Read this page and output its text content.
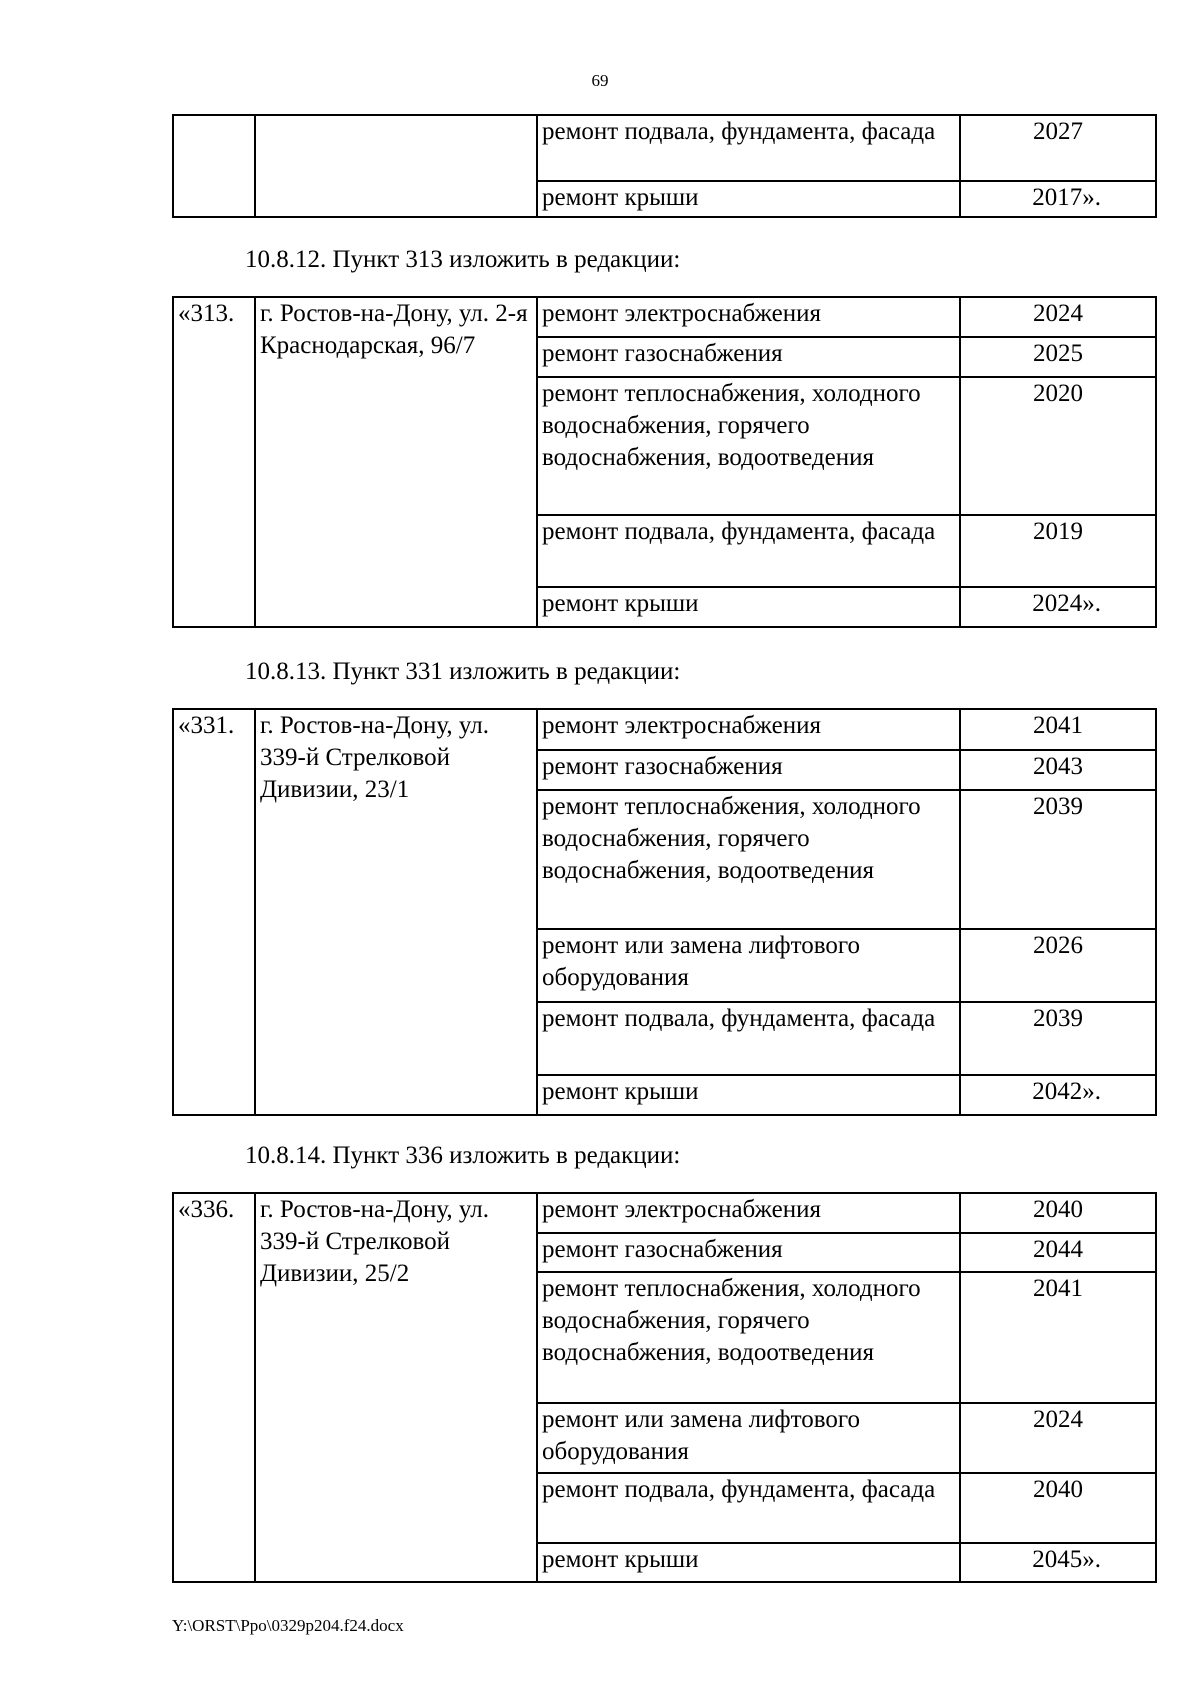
69
		ремонт подвала, фундамента, фасада	2027
		ремонт крыши	2017».
10.8.12. Пункт 313 изложить в редакции:
«313.	г. Ростов-на-Дону, ул. 2-я Краснодарская, 96/7	ремонт электроснабжения	2024
		ремонт газоснабжения	2025
		ремонт теплоснабжения, холодного водоснабжения, горячего водоснабжения, водоотведения	2020
		ремонт подвала, фундамента, фасада	2019
		ремонт крыши	2024».
10.8.13. Пункт 331 изложить в редакции:
«331.	г. Ростов-на-Дону, ул. 339-й Стрелковой Дивизии, 23/1	ремонт электроснабжения	2041
		ремонт газоснабжения	2043
		ремонт теплоснабжения, холодного водоснабжения, горячего водоснабжения, водоотведения	2039
		ремонт или замена лифтового оборудования	2026
		ремонт подвала, фундамента, фасада	2039
		ремонт крыши	2042».
10.8.14. Пункт 336 изложить в редакции:
«336.	г. Ростов-на-Дону, ул. 339-й Стрелковой Дивизии, 25/2	ремонт электроснабжения	2040
		ремонт газоснабжения	2044
		ремонт теплоснабжения, холодного водоснабжения, горячего водоснабжения, водоотведения	2041
		ремонт или замена лифтового оборудования	2024
		ремонт подвала, фундамента, фасада	2040
		ремонт крыши	2045».
Y:\ORST\Ppo\0329p204.f24.docx
